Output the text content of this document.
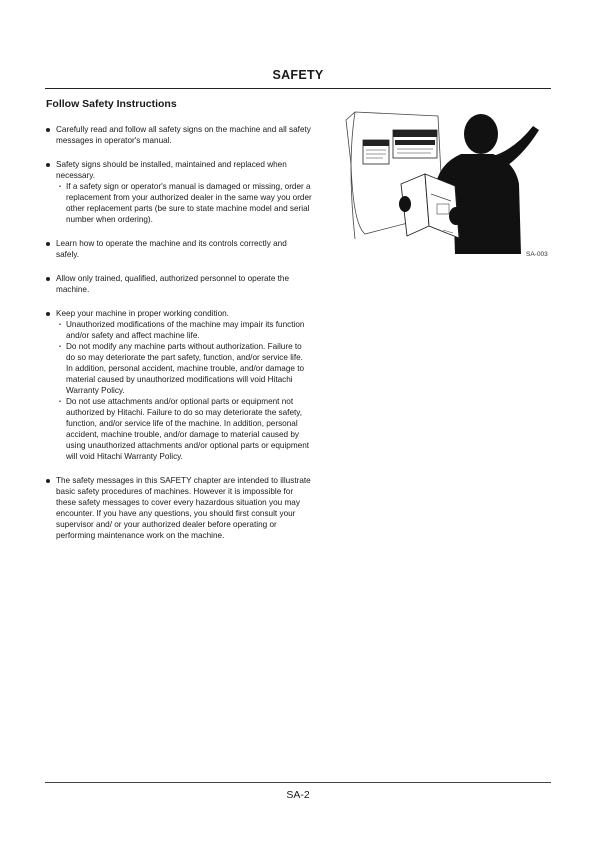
SAFETY
Follow Safety Instructions
Carefully read and follow all safety signs on the machine and all safety messages in operator's manual.
Safety signs should be installed, maintained and replaced when necessary.
・ If a safety sign or operator's manual is damaged or missing, order a replacement from your authorized dealer in the same way you order other replacement parts (be sure to state machine model and serial number when ordering).
Learn how to operate the machine and its controls correctly and safely.
Allow only trained, qualified, authorized personnel to operate the machine.
Keep your machine in proper working condition.
・ Unauthorized modifications of the machine may impair its function and/or safety and affect machine life.
・ Do not modify any machine parts without authorization. Failure to do so may deteriorate the part safety, function, and/or service life. In addition, personal accident, machine trouble, and/or damage to material caused by unauthorized modifications will void Hitachi Warranty Policy.
・ Do not use attachments and/or optional parts or equipment not authorized by Hitachi. Failure to do so may deteriorate the safety, function, and/or service life of the machine. In addition, personal accident, machine trouble, and/or damage to material caused by using unauthorized attachments and/or optional parts or equipment will void Hitachi Warranty Policy.
The safety messages in this SAFETY chapter are intended to illustrate basic safety procedures of machines. However it is impossible for these safety messages to cover every hazardous situation you may encounter. If you have any questions, you should first consult your supervisor and/ or your authorized dealer before operating or performing maintenance work on the machine.
SA-003
SA-2
